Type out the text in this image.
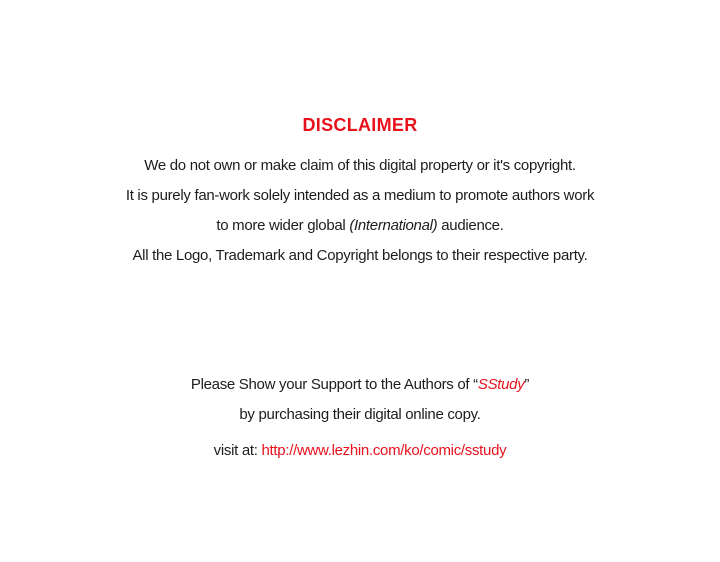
DISCLAIMER

We do not own or make claim of this digital property or it's copyright.

It is purely fan-work solely intended as a medium to promote authors work

to more wider global (International) audience.

All the Logo, Trademark and Copyright belongs to their respective party.

Please Show your Support to the Authors of “SStudy”

by purchasing their digital online copy.

visit at: http://www.lezhin.com/ko/comic/sstudy
